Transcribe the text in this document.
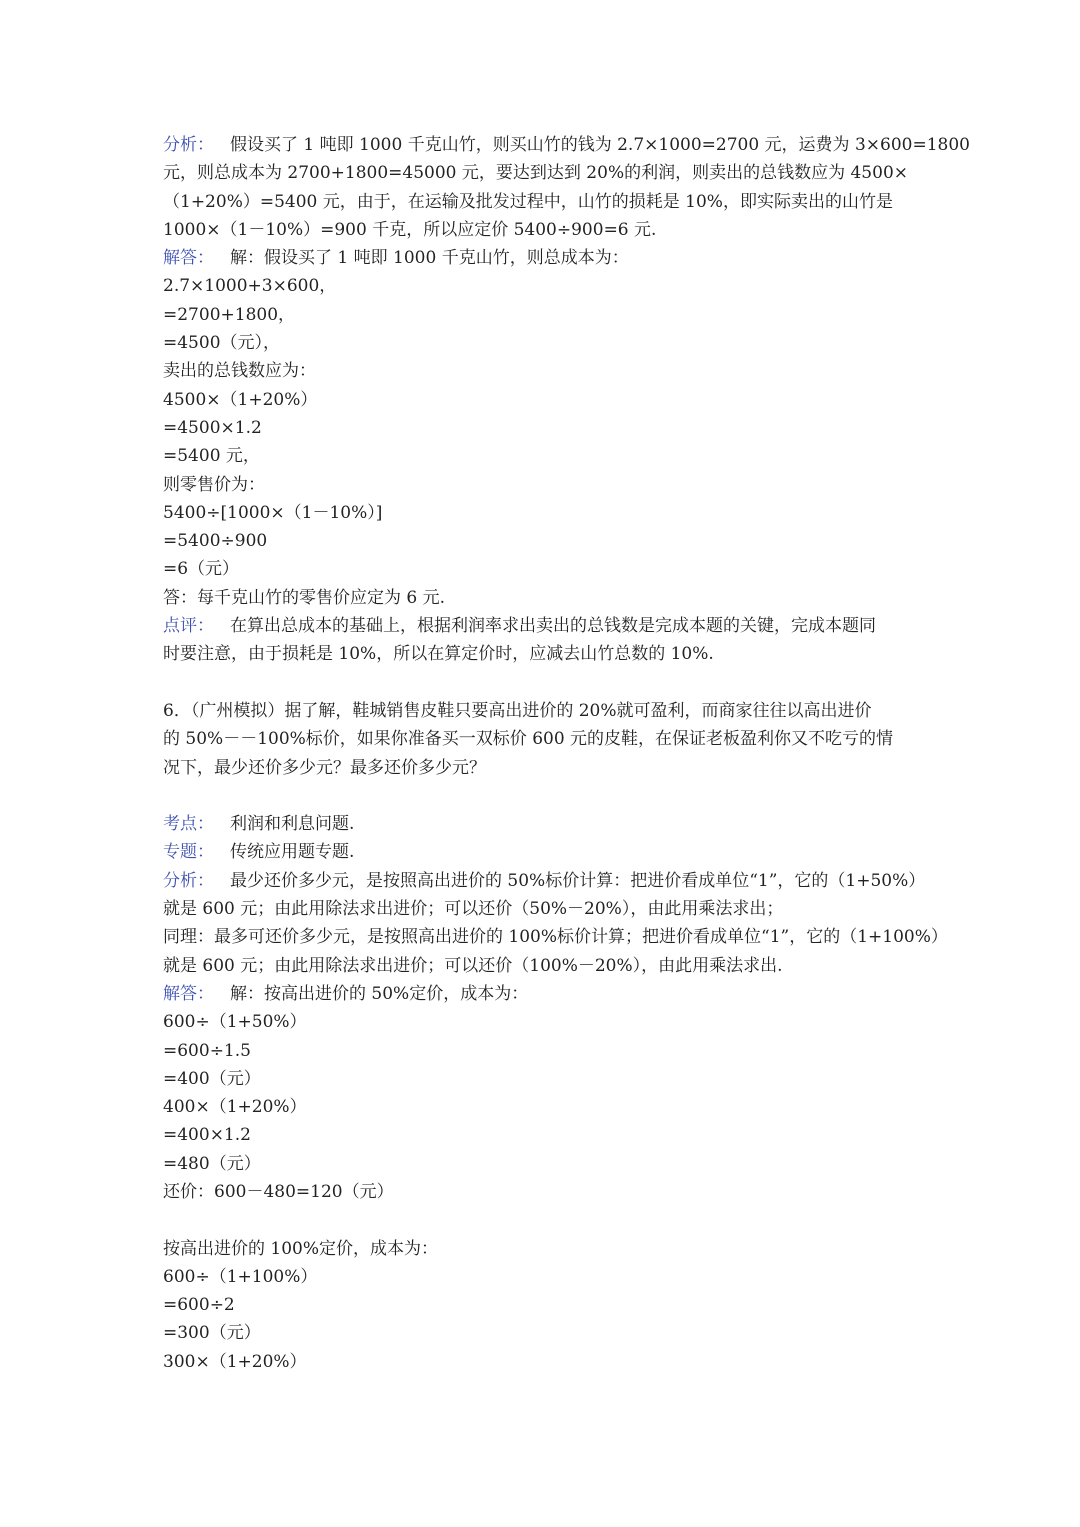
分析： 假设买了 1 吨即 1000 千克山竹，则买山竹的钱为 2.7×1000=2700 元，运费为 3×600=1800
元，则总成本为 2700+1800=45000 元，要达到达到 20%的利润，则卖出的总钱数应为 4500×
（1+20%）=5400 元，由于，在运输及批发过程中，山竹的损耗是 10%，即实际卖出的山竹是
1000×（1－10%）=900 千克，所以应定价 5400÷900=6 元.
解答： 解：假设买了 1 吨即 1000 千克山竹，则总成本为：
2.7×1000+3×600，
=2700+1800，
=4500（元），
卖出的总钱数应为：
4500×（1+20%）
=4500×1.2
=5400 元，
则零售价为：
5400÷[1000×（1－10%）]
=5400÷900
=6（元）
答：每千克山竹的零售价应定为 6 元.
点评： 在算出总成本的基础上，根据利润率求出卖出的总钱数是完成本题的关键，完成本题同
时要注意，由于损耗是 10%，所以在算定价时，应减去山竹总数的 10%.
6．（广州模拟）据了解，鞋城销售皮鞋只要高出进价的 20%就可盈利，而商家往往以高出进价
的 50%－－100%标价，如果你准备买一双标价 600 元的皮鞋，在保证老板盈利你又不吃亏的情
况下，最少还价多少元？最多还价多少元？
考点： 利润和利息问题.
专题： 传统应用题专题.
分析： 最少还价多少元，是按照高出进价的 50%标价计算：把进价看成单位“1”，它的（1+50%）
就是 600 元；由此用除法求出进价；可以还价（50%－20%），由此用乘法求出；
同理：最多可还价多少元，是按照高出进价的 100%标价计算；把进价看成单位“1”，它的（1+100%）
就是 600 元；由此用除法求出进价；可以还价（100%－20%），由此用乘法求出.
解答： 解：按高出进价的 50%定价，成本为：
600÷（1+50%）
=600÷1.5
=400（元）
400×（1+20%）
=400×1.2
=480（元）
还价：600－480=120（元）
按高出进价的 100%定价，成本为：
600÷（1+100%）
=600÷2
=300（元）
300×（1+20%）
